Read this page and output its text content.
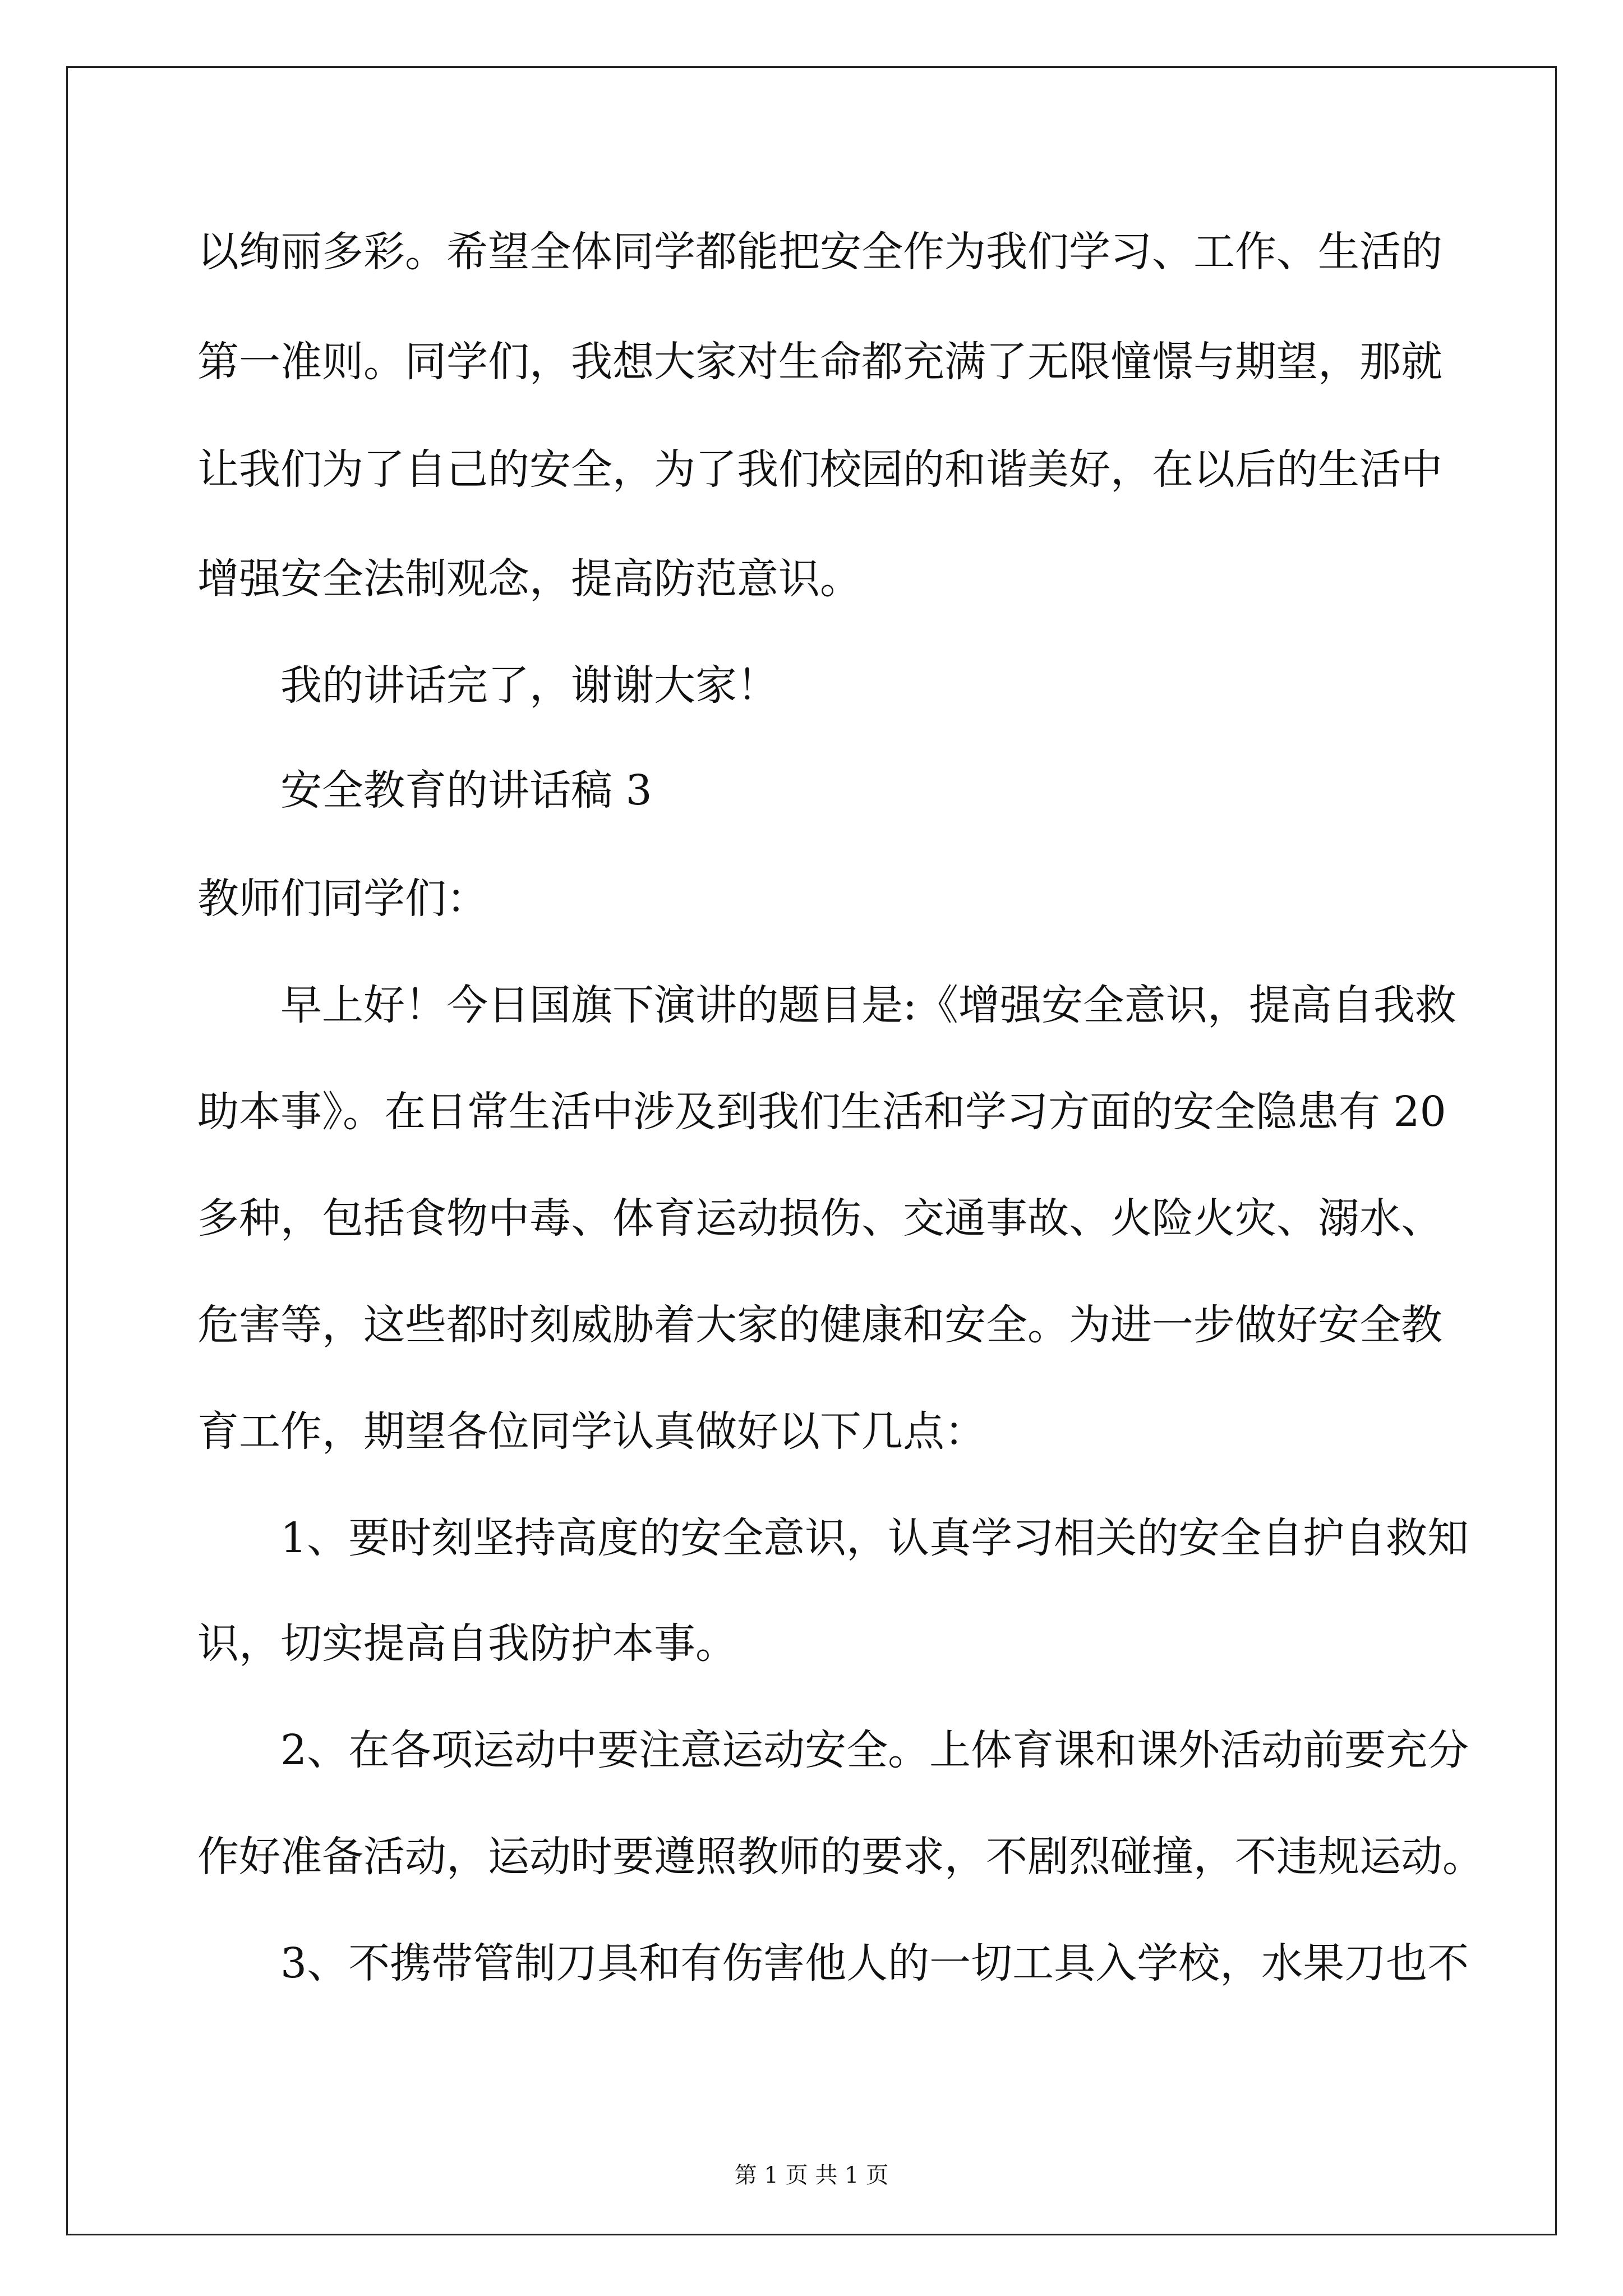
以绚丽多彩。希望全体同学都能把安全作为我们学习、工作、生活的
第一准则。同学们，我想大家对生命都充满了无限憧憬与期望，那就
让我们为了自己的安全，为了我们校园的和谐美好，在以后的生活中
增强安全法制观念，提高防范意识。
我的讲话完了，谢谢大家！
安全教育的讲话稿 3
教师们同学们：
早上好！今日国旗下演讲的题目是:《增强安全意识，提高自我救
助本事》。在日常生活中涉及到我们生活和学习方面的安全隐患有 20
多种，包括食物中毒、体育运动损伤、交通事故、火险火灾、溺水、
危害等，这些都时刻威胁着大家的健康和安全。为进一步做好安全教
育工作，期望各位同学认真做好以下几点：
1、要时刻坚持高度的安全意识，认真学习相关的安全自护自救知
识，切实提高自我防护本事。
2、在各项运动中要注意运动安全。上体育课和课外活动前要充分
作好准备活动，运动时要遵照教师的要求，不剧烈碰撞，不违规运动。
3、不携带管制刀具和有伤害他人的一切工具入学校，水果刀也不
第 1 页 共 1 页
